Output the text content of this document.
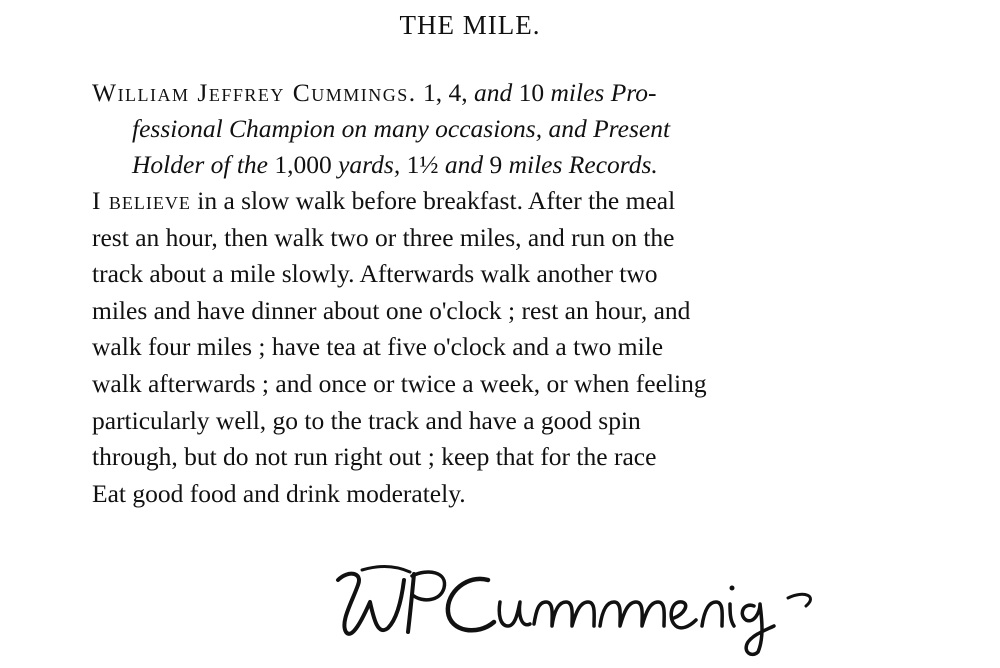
THE MILE.
William Jeffrey Cummings. 1, 4, and 10 miles Pro-
fessional Champion on many occasions, and Present
Holder of the 1,000 yards, 1½ and 9 miles Records.
I believe in a slow walk before breakfast. After the meal
rest an hour, then walk two or three miles, and run on the
track about a mile slowly. Afterwards walk another two
miles and have dinner about one o'clock ; rest an hour, and
walk four miles ; have tea at five o'clock and a two mile
walk afterwards ; and once or twice a week, or when feeling
particularly well, go to the track and have a good spin
through, but do not run right out ; keep that for the race
Eat good food and drink moderately.
